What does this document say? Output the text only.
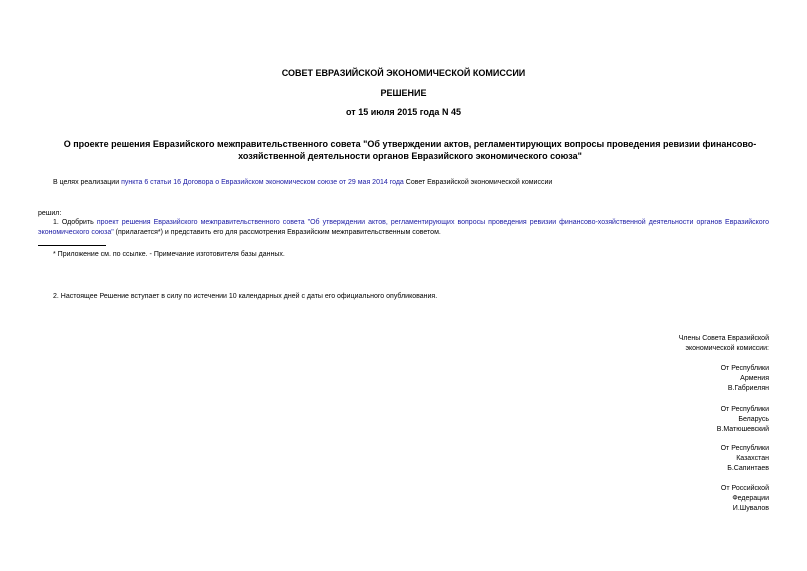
СОВЕТ ЕВРАЗИЙСКОЙ ЭКОНОМИЧЕСКОЙ КОМИССИИ
РЕШЕНИЕ
от 15 июля 2015 года N 45
О проекте решения Евразийского межправительственного совета "Об утверждении актов, регламентирующих вопросы проведения ревизии финансово-
хозяйственной деятельности органов Евразийского экономического союза"
В целях реализации пункта 6 статьи 16 Договора о Евразийском экономическом союзе от 29 мая 2014 года Совет Евразийской экономической комиссии
решил:
1. Одобрить проект решения Евразийского межправительственного совета "Об утверждении актов, регламентирующих вопросы проведения ревизии финансово-хозяйственной деятельности органов Евразийского экономического союза" (прилагается*) и представить его для рассмотрения Евразийским межправительственным советом.
* Приложение см. по ссылке. - Примечание изготовителя базы данных.
2. Настоящее Решение вступает в силу по истечении 10 календарных дней с даты его официального опубликования.
Члены Совета Евразийской
экономической комиссии:
От Республики
Армения
В.Габриелян
От Республики
Беларусь
В.Матюшевский
От Республики
Казахстан
Б.Сапинтаев
От Российской
Федерации
И.Шувалов
